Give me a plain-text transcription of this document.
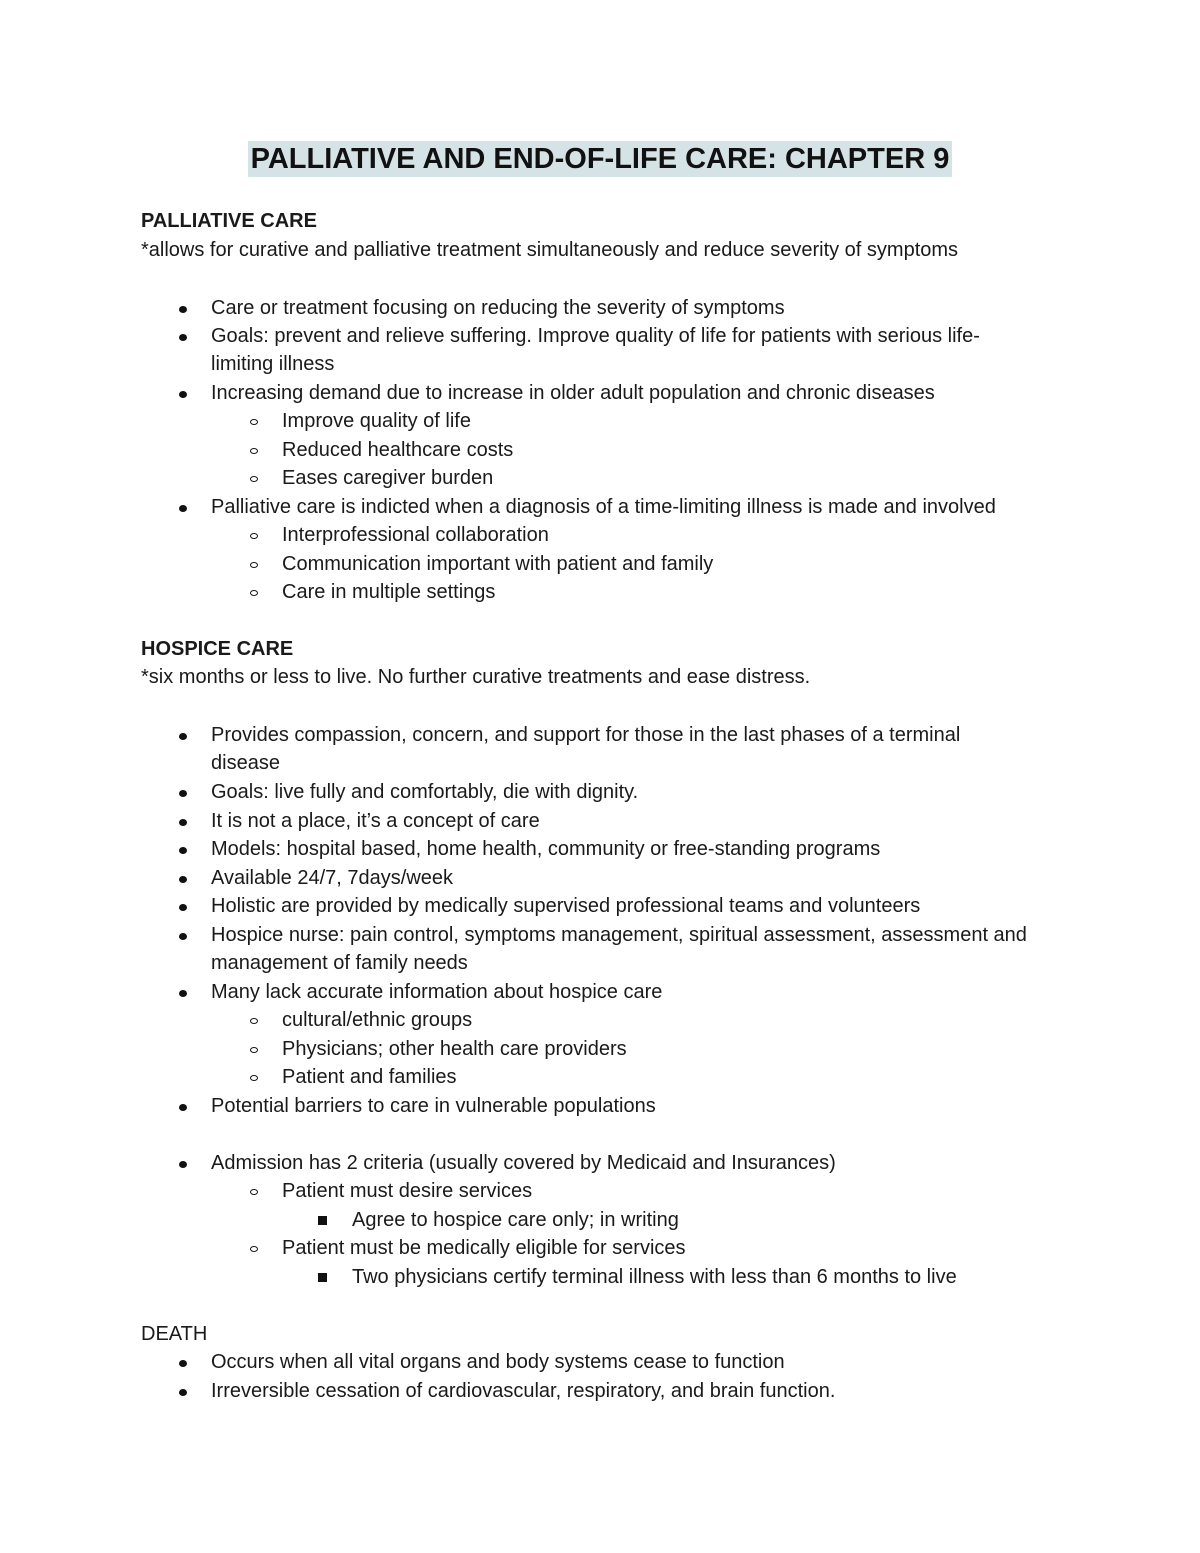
PALLIATIVE AND END-OF-LIFE CARE: CHAPTER 9
PALLIATIVE CARE
*allows for curative and palliative treatment simultaneously and reduce severity of symptoms
Care or treatment focusing on reducing the severity of symptoms
Goals: prevent and relieve suffering. Improve quality of life for patients with serious life-limiting illness
Increasing demand due to increase in older adult population and chronic diseases
Improve quality of life
Reduced healthcare costs
Eases caregiver burden
Palliative care is indicted when a diagnosis of a time-limiting illness is made and involved
Interprofessional collaboration
Communication important with patient and family
Care in multiple settings
HOSPICE CARE
*six months or less to live. No further curative treatments and ease distress.
Provides compassion, concern, and support for those in the last phases of a terminal disease
Goals: live fully and comfortably, die with dignity.
It is not a place, it’s a concept of care
Models: hospital based, home health, community or free-standing programs
Available 24/7, 7days/week
Holistic are provided by medically supervised professional teams and volunteers
Hospice nurse: pain control, symptoms management, spiritual assessment, assessment and management of family needs
Many lack accurate information about hospice care
cultural/ethnic groups
Physicians; other health care providers
Patient and families
Potential barriers to care in vulnerable populations
Admission has 2 criteria (usually covered by Medicaid and Insurances)
Patient must desire services
Agree to hospice care only; in writing
Patient must be medically eligible for services
Two physicians certify terminal illness with less than 6 months to live
DEATH
Occurs when all vital organs and body systems cease to function
Irreversible cessation of cardiovascular, respiratory, and brain function.
